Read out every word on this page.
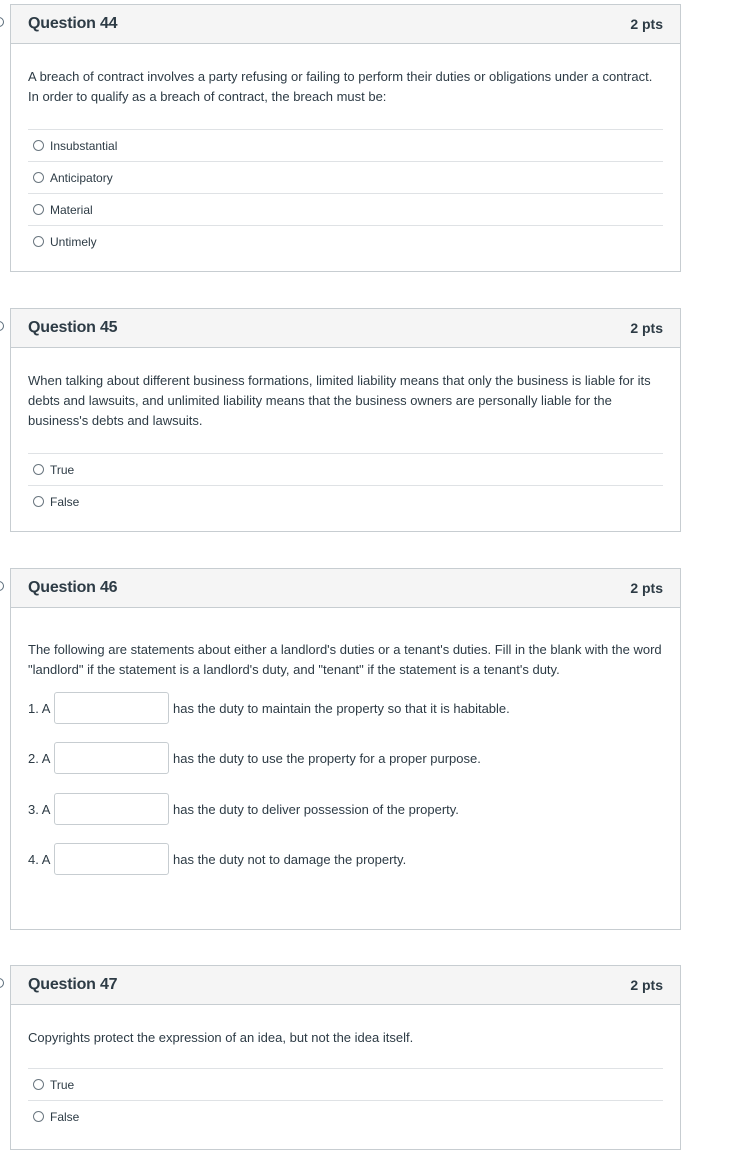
Question 44	2 pts

A breach of contract involves a party refusing or failing to perform their duties or obligations under a contract. In order to qualify as a breach of contract, the breach must be:

Insubstantial
Anticipatory
Material
Untimely
Question 45	2 pts

When talking about different business formations, limited liability means that only the business is liable for its debts and lawsuits, and unlimited liability means that the business owners are personally liable for the business's debts and lawsuits.

True
False
Question 46	2 pts

The following are statements about either a landlord's duties or a tenant's duties. Fill in the blank with the word "landlord" if the statement is a landlord's duty, and "tenant" if the statement is a tenant's duty.

1. A	has the duty to maintain the property so that it is habitable.
2. A	has the duty to use the property for a proper purpose.
3. A	has the duty to deliver possession of the property.
4. A	has the duty not to damage the property.
Question 47	2 pts

Copyrights protect the expression of an idea, but not the idea itself.

True
False
